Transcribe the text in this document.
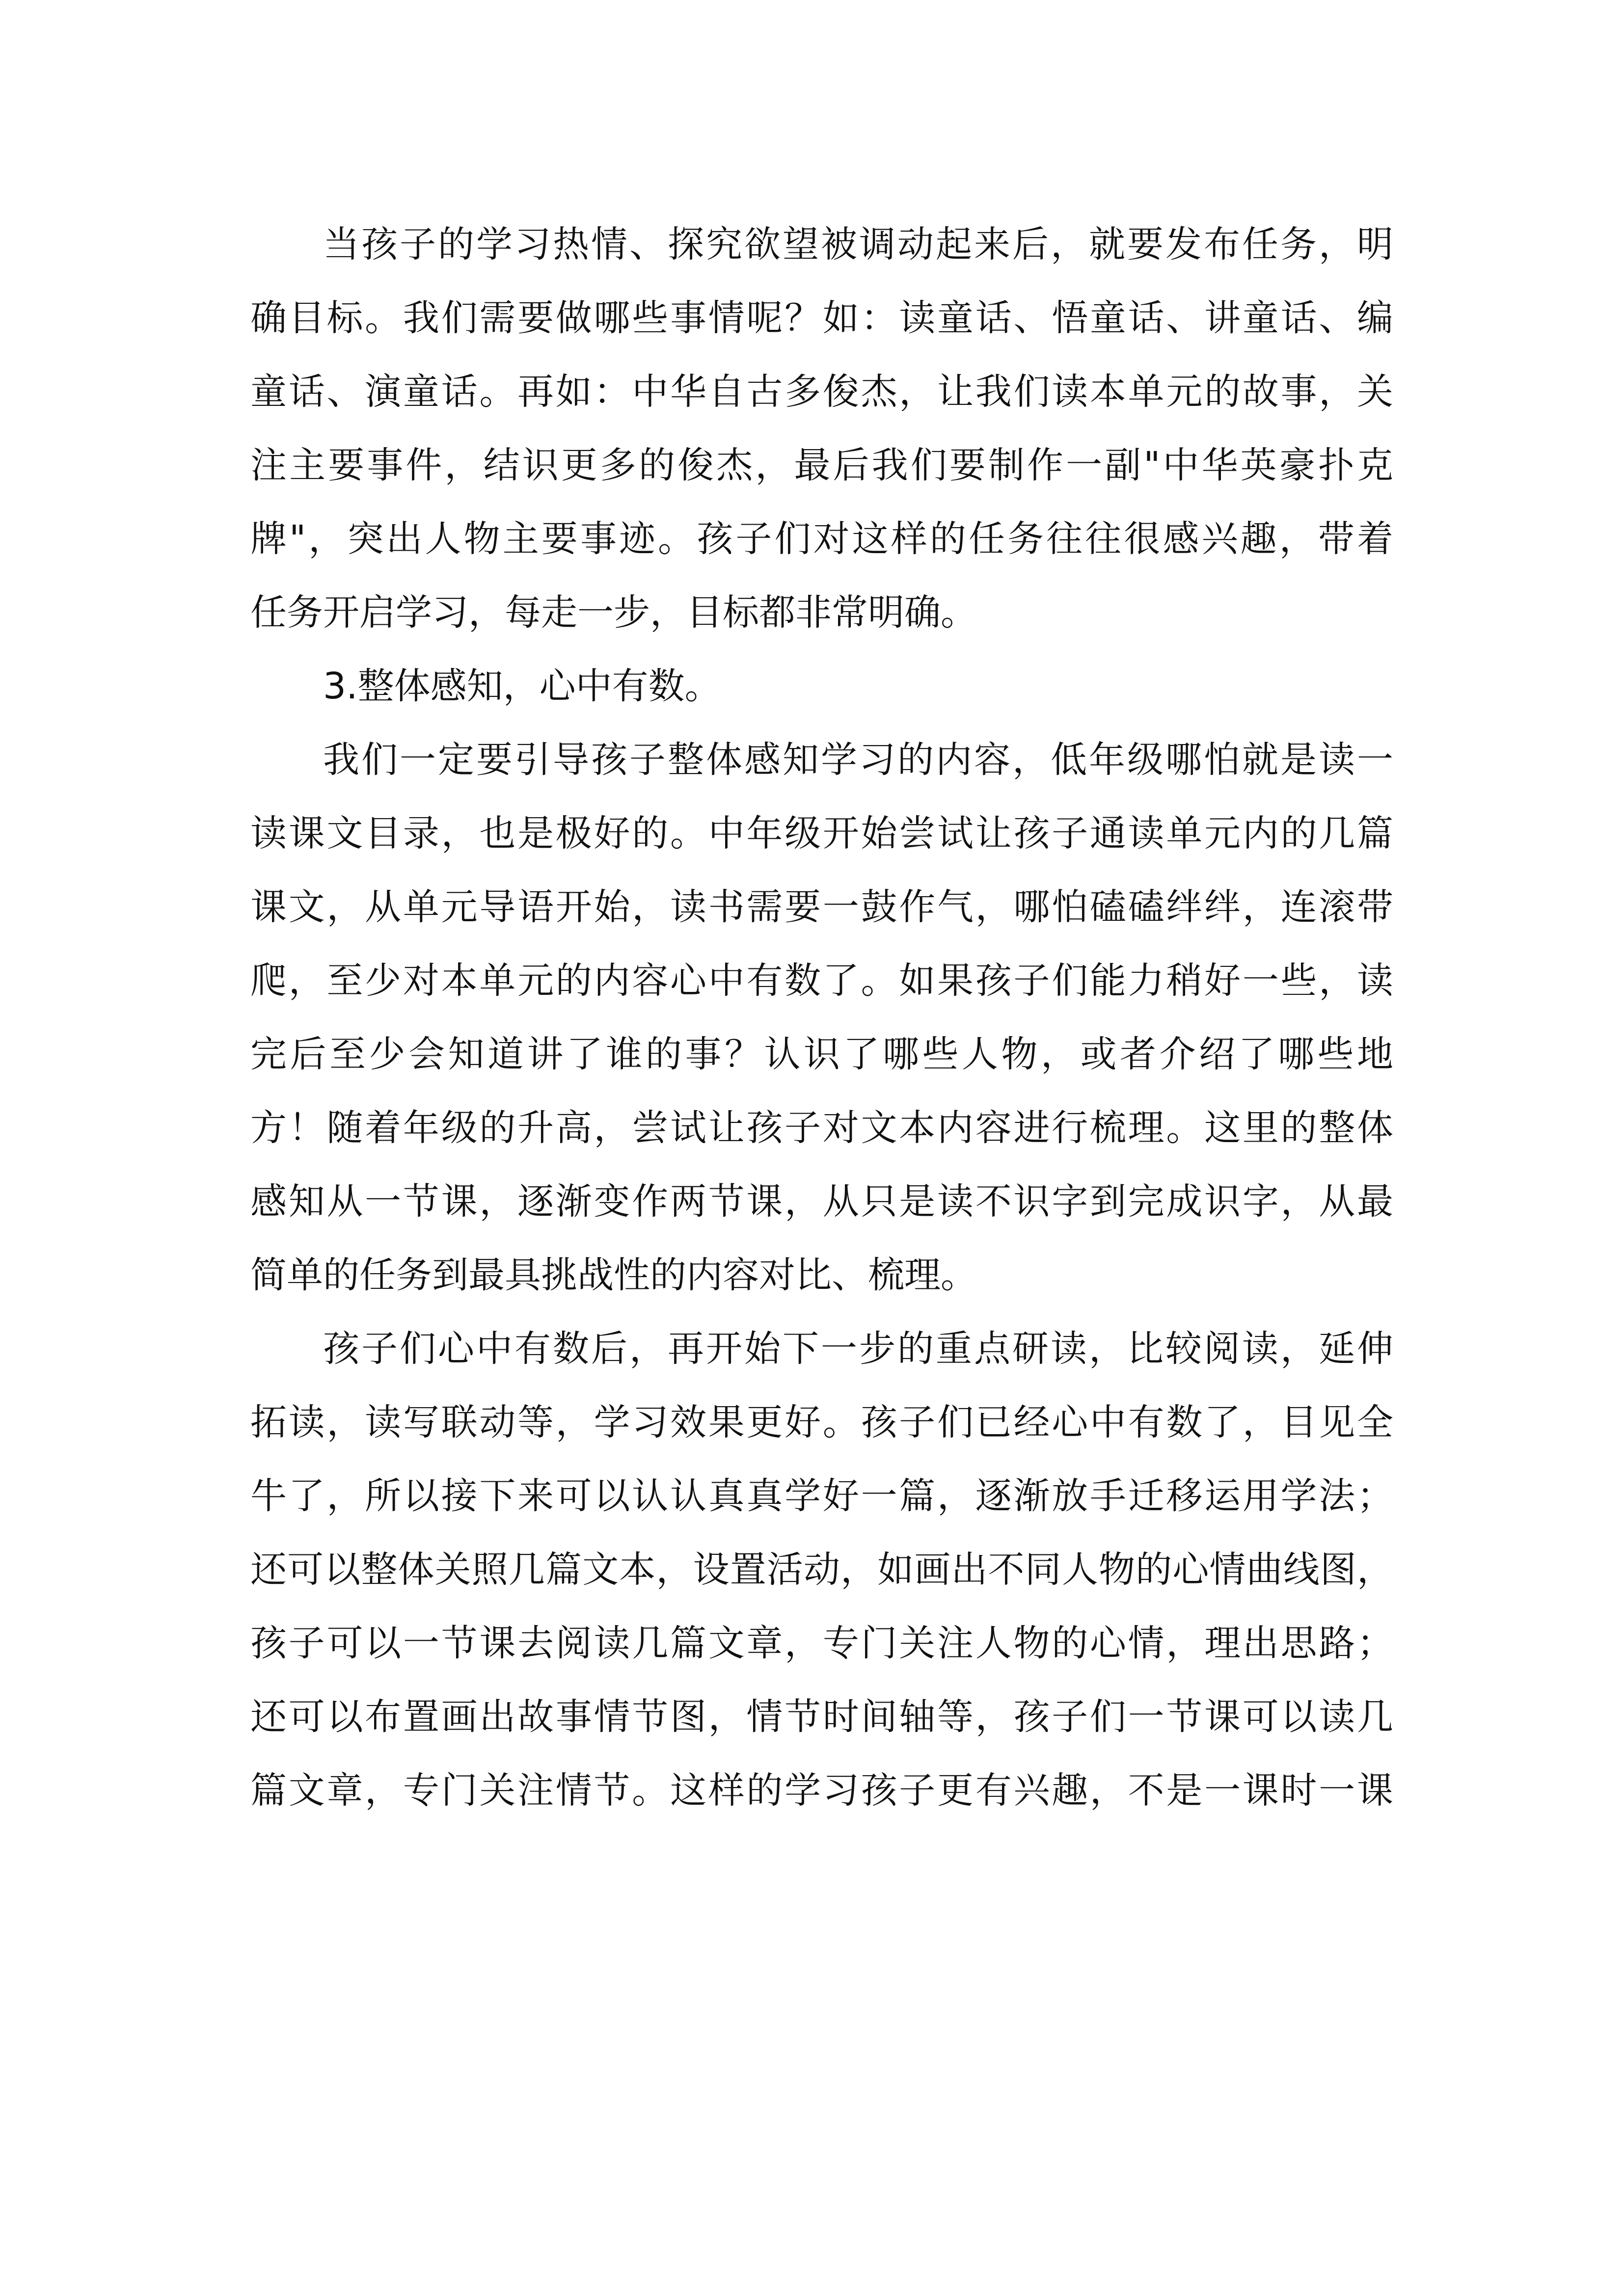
当孩子的学习热情、探究欲望被调动起来后，就要发布任务，明
确目标。我们需要做哪些事情呢？如：读童话、悟童话、讲童话、编
童话、演童话。再如：中华自古多俊杰，让我们读本单元的故事，关
注主要事件，结识更多的俊杰，最后我们要制作一副"中华英豪扑克
牌"，突出人物主要事迹。孩子们对这样的任务往往很感兴趣，带着
任务开启学习，每走一步，目标都非常明确。
3.整体感知，心中有数。
我们一定要引导孩子整体感知学习的内容，低年级哪怕就是读一
读课文目录，也是极好的。中年级开始尝试让孩子通读单元内的几篇
课文，从单元导语开始，读书需要一鼓作气，哪怕磕磕绊绊，连滚带
爬，至少对本单元的内容心中有数了。如果孩子们能力稍好一些，读
完后至少会知道讲了谁的事？认识了哪些人物，或者介绍了哪些地
方！随着年级的升高，尝试让孩子对文本内容进行梳理。这里的整体
感知从一节课，逐渐变作两节课，从只是读不识字到完成识字，从最
简单的任务到最具挑战性的内容对比、梳理。
孩子们心中有数后，再开始下一步的重点研读，比较阅读，延伸
拓读，读写联动等，学习效果更好。孩子们已经心中有数了，目见全
牛了，所以接下来可以认认真真学好一篇，逐渐放手迁移运用学法；
还可以整体关照几篇文本，设置活动，如画出不同人物的心情曲线图，
孩子可以一节课去阅读几篇文章，专门关注人物的心情，理出思路；
还可以布置画出故事情节图，情节时间轴等，孩子们一节课可以读几
篇文章，专门关注情节。这样的学习孩子更有兴趣，不是一课时一课
